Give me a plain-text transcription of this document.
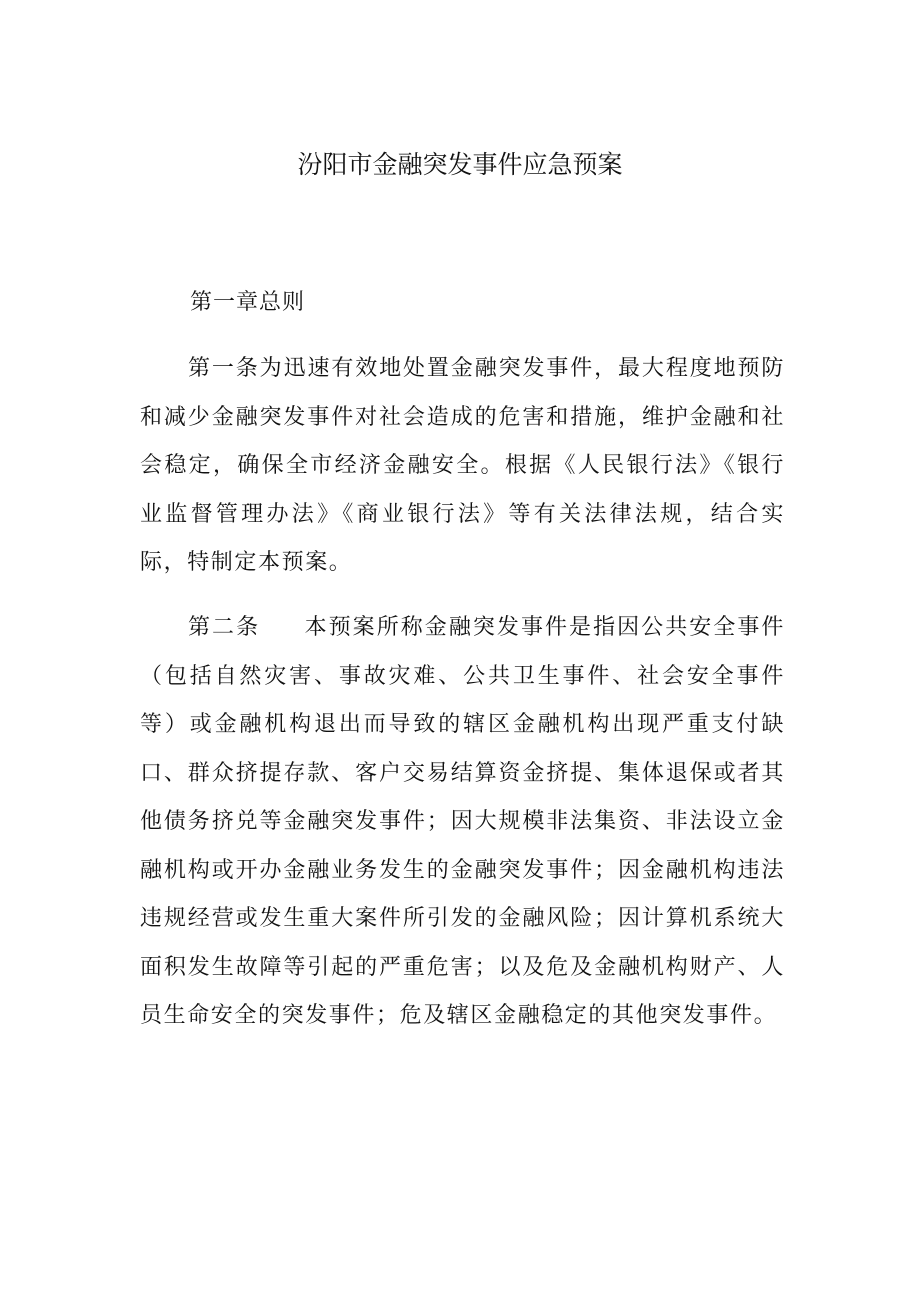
汾阳市金融突发事件应急预案
第一章总则

第一条为迅速有效地处置金融突发事件，最大程度地预防和减少金融突发事件对社会造成的危害和措施，维护金融和社会稳定，确保全市经济金融安全。根据《人民银行法》《银行业监督管理办法》《商业银行法》等有关法律法规，结合实际，特制定本预案。

第二条 本预案所称金融突发事件是指因公共安全事件（包括自然灾害、事故灾难、公共卫生事件、社会安全事件等）或金融机构退出而导致的辖区金融机构出现严重支付缺口、群众挤提存款、客户交易结算资金挤提、集体退保或者其他债务挤兑等金融突发事件；因大规模非法集资、非法设立金融机构或开办金融业务发生的金融突发事件；因金融机构违法违规经营或发生重大案件所引发的金融风险；因计算机系统大面积发生故障等引起的严重危害；以及危及金融机构财产、人员生命安全的突发事件；危及辖区金融稳定的其他突发事件。
